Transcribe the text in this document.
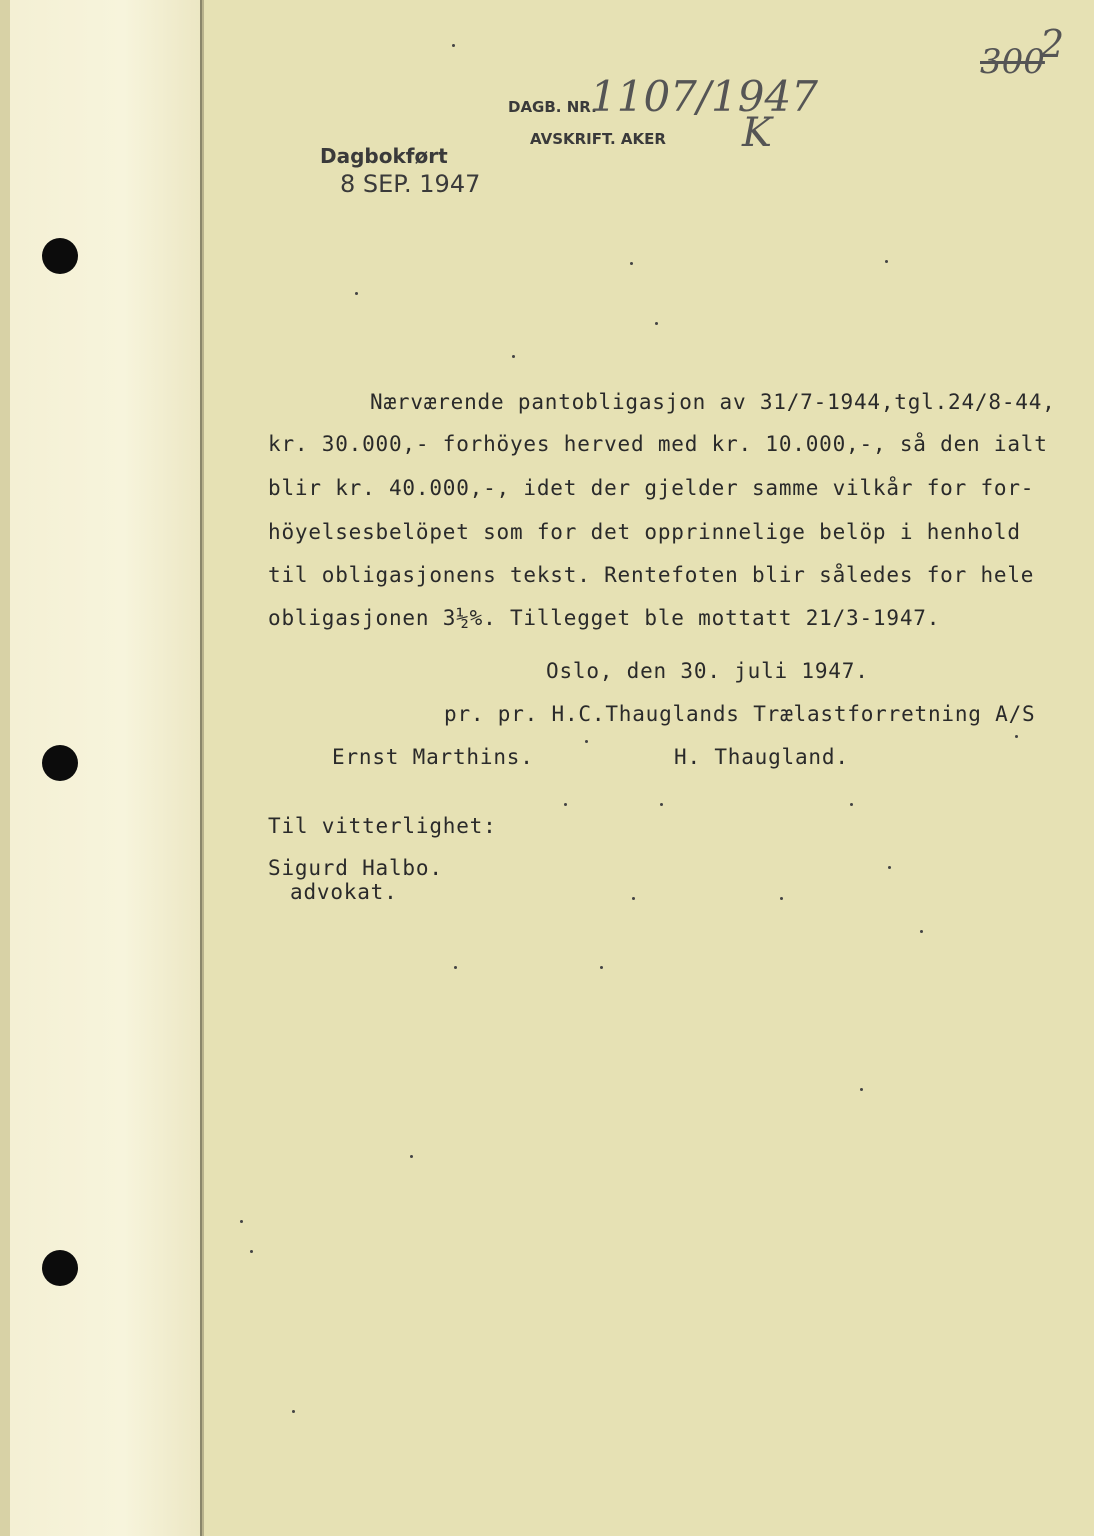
300
2
DAGB. NR.
1107/1947
K
AVSKRIFT. AKER
Dagbokført
8 SEP. 1947
Nærværende pantobligasjon av 31/7-1944,tgl.24/8-44,
kr. 30.000,- forhöyes herved med kr. 10.000,-, så den ialt
blir kr. 40.000,-, idet der gjelder samme vilkår for for-
höyelsesbelöpet som for det opprinnelige belöp i henhold
til obligasjonens tekst. Rentefoten blir således for hele
obligasjonen 3½%. Tillegget ble mottatt 21/3-1947.
Oslo, den 30. juli 1947.
pr. pr. H.C.Thauglands Trælastforretning A/S
Ernst Marthins.	H. Thaugland.
Til vitterlighet:
Sigurd Halbo.
advokat.
